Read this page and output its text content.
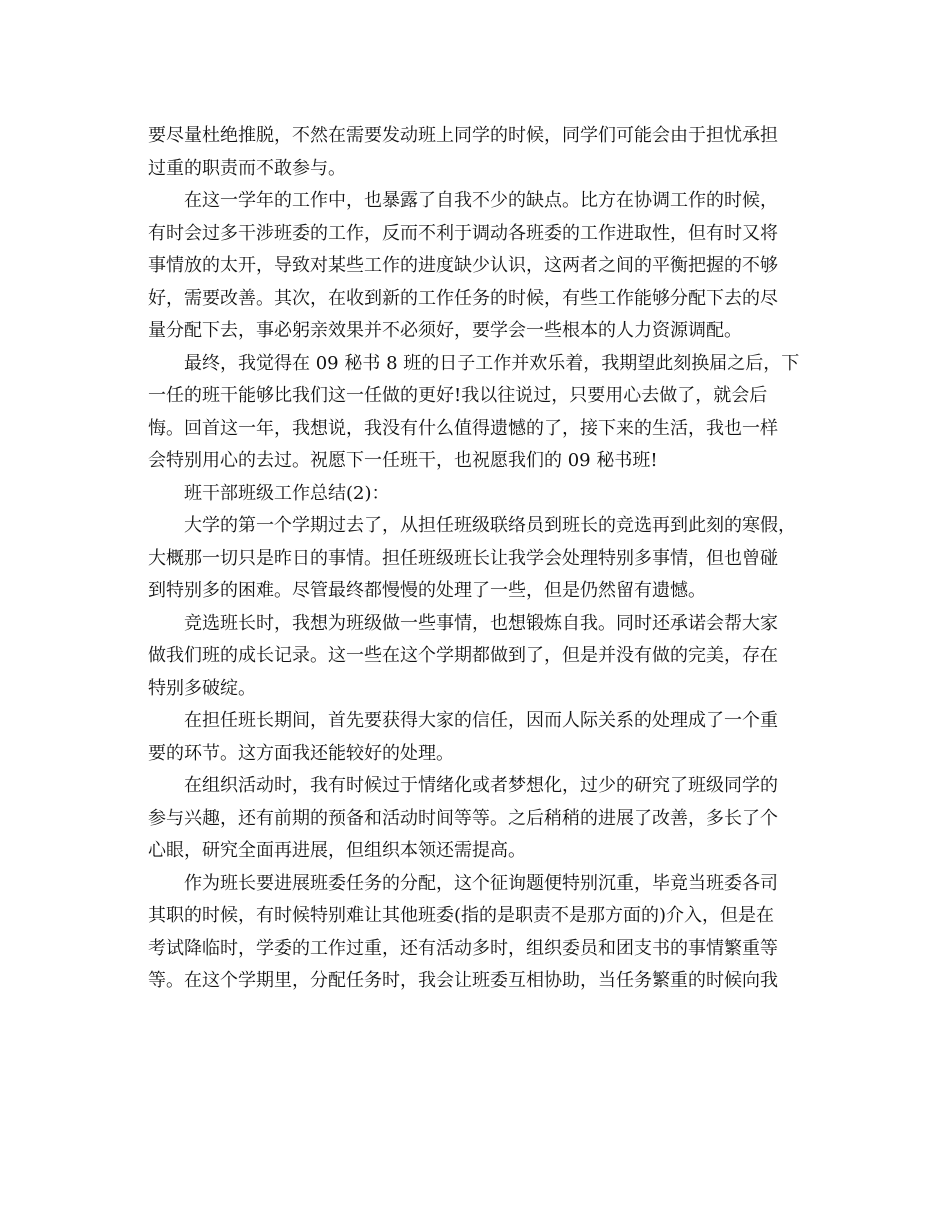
要尽量杜绝推脱，不然在需要发动班上同学的时候，同学们可能会由于担忧承担
过重的职责而不敢参与。
在这一学年的工作中，也暴露了自我不少的缺点。比方在协调工作的时候，
有时会过多干涉班委的工作，反而不利于调动各班委的工作进取性，但有时又将
事情放的太开，导致对某些工作的进度缺少认识，这两者之间的平衡把握的不够
好，需要改善。其次，在收到新的工作任务的时候，有些工作能够分配下去的尽
量分配下去，事必躬亲效果并不必须好，要学会一些根本的人力资源调配。
最终，我觉得在 09 秘书 8 班的日子工作并欢乐着，我期望此刻换届之后，下
一任的班干能够比我们这一任做的更好!我以往说过，只要用心去做了，就会后
悔。回首这一年，我想说，我没有什么值得遗憾的了，接下来的生活，我也一样
会特别用心的去过。祝愿下一任班干，也祝愿我们的 09 秘书班!
班干部班级工作总结(2)：
大学的第一个学期过去了，从担任班级联络员到班长的竞选再到此刻的寒假，
大概那一切只是昨日的事情。担任班级班长让我学会处理特别多事情，但也曾碰
到特别多的困难。尽管最终都慢慢的处理了一些，但是仍然留有遗憾。
竞选班长时，我想为班级做一些事情，也想锻炼自我。同时还承诺会帮大家
做我们班的成长记录。这一些在这个学期都做到了，但是并没有做的完美，存在
特别多破绽。
在担任班长期间，首先要获得大家的信任，因而人际关系的处理成了一个重
要的环节。这方面我还能较好的处理。
在组织活动时，我有时候过于情绪化或者梦想化，过少的研究了班级同学的
参与兴趣，还有前期的预备和活动时间等等。之后稍稍的进展了改善，多长了个
心眼，研究全面再进展，但组织本领还需提高。
作为班长要进展班委任务的分配，这个征询题便特别沉重，毕竟当班委各司
其职的时候，有时候特别难让其他班委(指的是职责不是那方面的)介入，但是在
考试降临时，学委的工作过重，还有活动多时，组织委员和团支书的事情繁重等
等。在这个学期里，分配任务时，我会让班委互相协助，当任务繁重的时候向我
